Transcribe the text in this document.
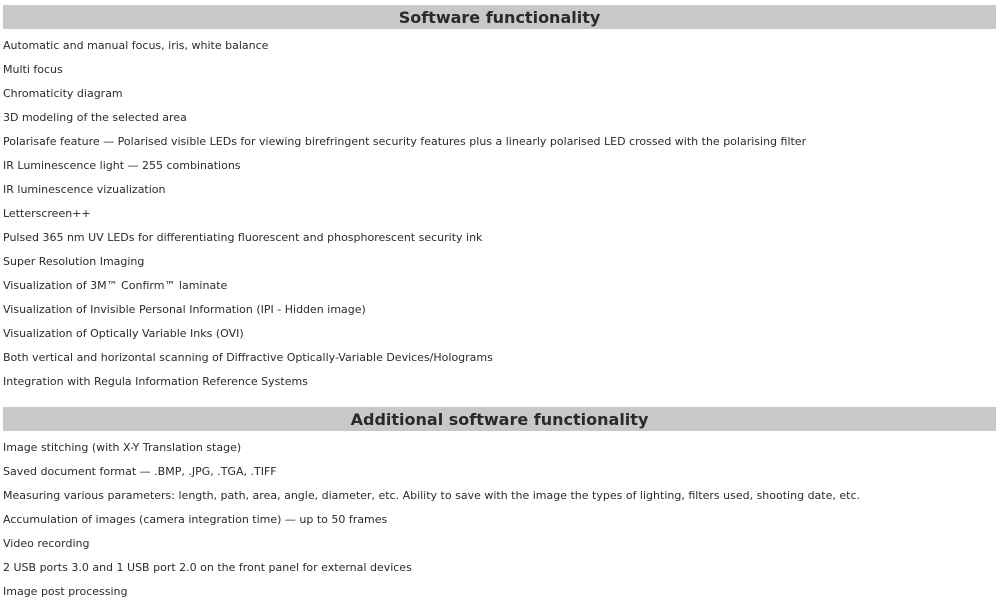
Software functionality
Automatic and manual focus, iris, white balance
Multi focus
Chromaticity diagram
3D modeling of the selected area
Polarisafe feature — Polarised visible LEDs for viewing birefringent security features plus a linearly polarised LED crossed with the polarising filter
IR Luminescence light — 255 combinations
IR luminescence vizualization
Letterscreen++
Pulsed 365 nm UV LEDs for differentiating fluorescent and phosphorescent security ink
Super Resolution Imaging
Visualization of 3M™ Confirm™ laminate
Visualization of Invisible Personal Information (IPI - Hidden image)
Visualization of Optically Variable Inks (OVI)
Both vertical and horizontal scanning of Diffractive Optically-Variable Devices/Holograms
Integration with Regula Information Reference Systems
Additional software functionality
Image stitching (with X-Y Translation stage)
Saved document format — .BMP, .JPG, .TGA, .TIFF
Measuring various parameters: length, path, area, angle, diameter, etc. Ability to save with the image the types of lighting, filters used, shooting date, etc.
Accumulation of images (camera integration time) — up to 50 frames
Video recording
2 USB ports 3.0 and 1 USB port 2.0 on the front panel for external devices
Image post processing
